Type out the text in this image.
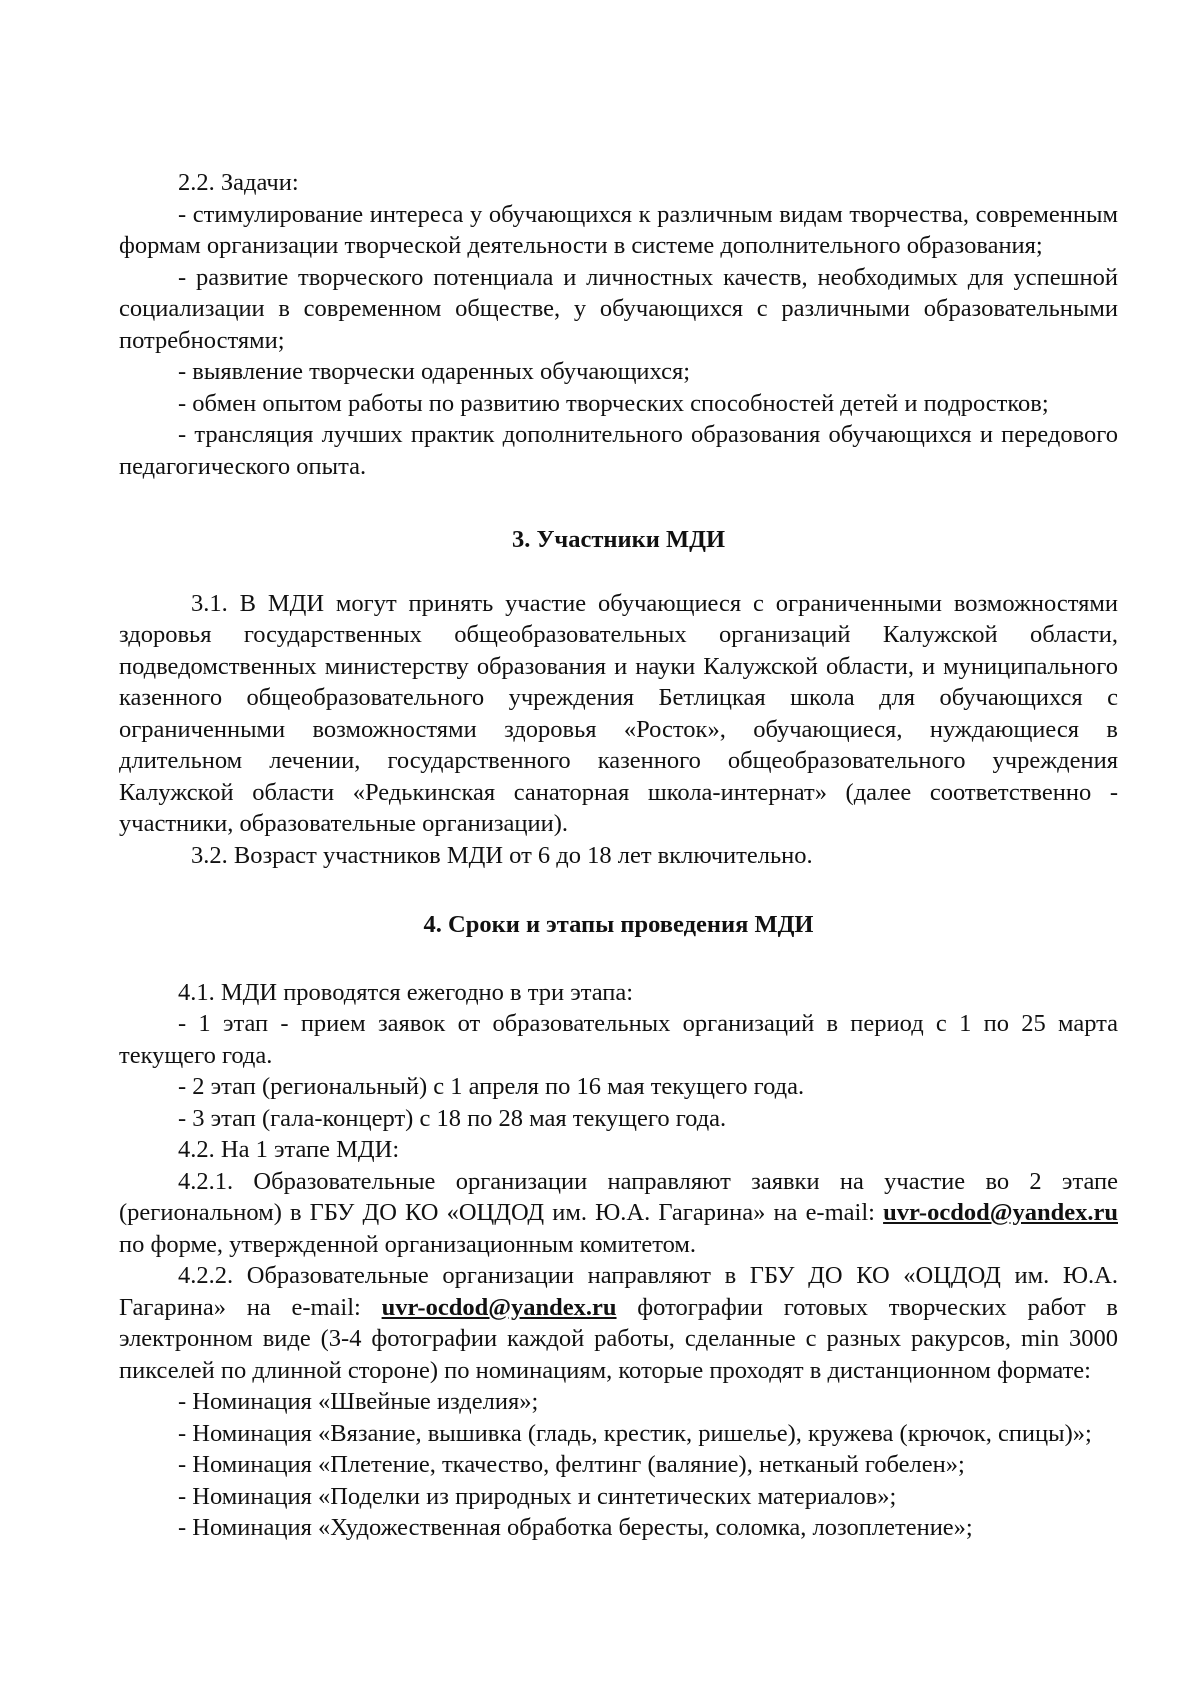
2.2. Задачи:

- стимулирование интереса у обучающихся к различным видам творчества, современным формам организации творческой деятельности в системе дополнительного образования;

- развитие творческого потенциала и личностных качеств, необходимых для успешной социализации в современном обществе, у обучающихся с различными образовательными потребностями;

- выявление творчески одаренных обучающихся;

- обмен опытом работы по развитию творческих способностей детей и подростков;

- трансляция лучших практик дополнительного образования обучающихся и передового педагогического опыта.

3. Участники МДИ

3.1. В МДИ могут принять участие обучающиеся с ограниченными возможностями здоровья государственных общеобразовательных организаций Калужской области, подведомственных министерству образования и науки Калужской области, и муниципального казенного общеобразовательного учреждения Бетлицкая школа для обучающихся с ограниченными возможностями здоровья «Росток», обучающиеся, нуждающиеся в длительном лечении, государственного казенного общеобразовательного учреждения Калужской области «Редькинская санаторная школа-интернат» (далее соответственно - участники, образовательные организации).

3.2. Возраст участников МДИ от 6 до 18 лет включительно.

4. Сроки и этапы проведения МДИ

4.1. МДИ проводятся ежегодно в три этапа:

- 1 этап - прием заявок от образовательных организаций в период с 1 по 25 марта текущего года.

- 2 этап (региональный) с 1 апреля по 16 мая текущего года.

- 3 этап (гала-концерт) с 18 по 28 мая текущего года.

4.2. На 1 этапе МДИ:

4.2.1. Образовательные организации направляют заявки на участие во 2 этапе (региональном) в ГБУ ДО КО «ОЦДОД им. Ю.А. Гагарина» на e-mail: uvr-ocdod@yandex.ru по форме, утвержденной организационным комитетом.

4.2.2. Образовательные организации направляют в ГБУ ДО КО «ОЦДОД им. Ю.А. Гагарина» на e-mail: uvr-ocdod@yandex.ru фотографии готовых творческих работ в электронном виде (3-4 фотографии каждой работы, сделанные с разных ракурсов, min 3000 пикселей по длинной стороне) по номинациям, которые проходят в дистанционном формате:

- Номинация «Швейные изделия»;

- Номинация «Вязание, вышивка (гладь, крестик, ришелье), кружева (крючок, спицы)»;

- Номинация «Плетение, ткачество, фелтинг (валяние), нетканый гобелен»;

- Номинация «Поделки из природных и синтетических материалов»;

- Номинация «Художественная обработка бересты, соломка, лозоплетение»;
